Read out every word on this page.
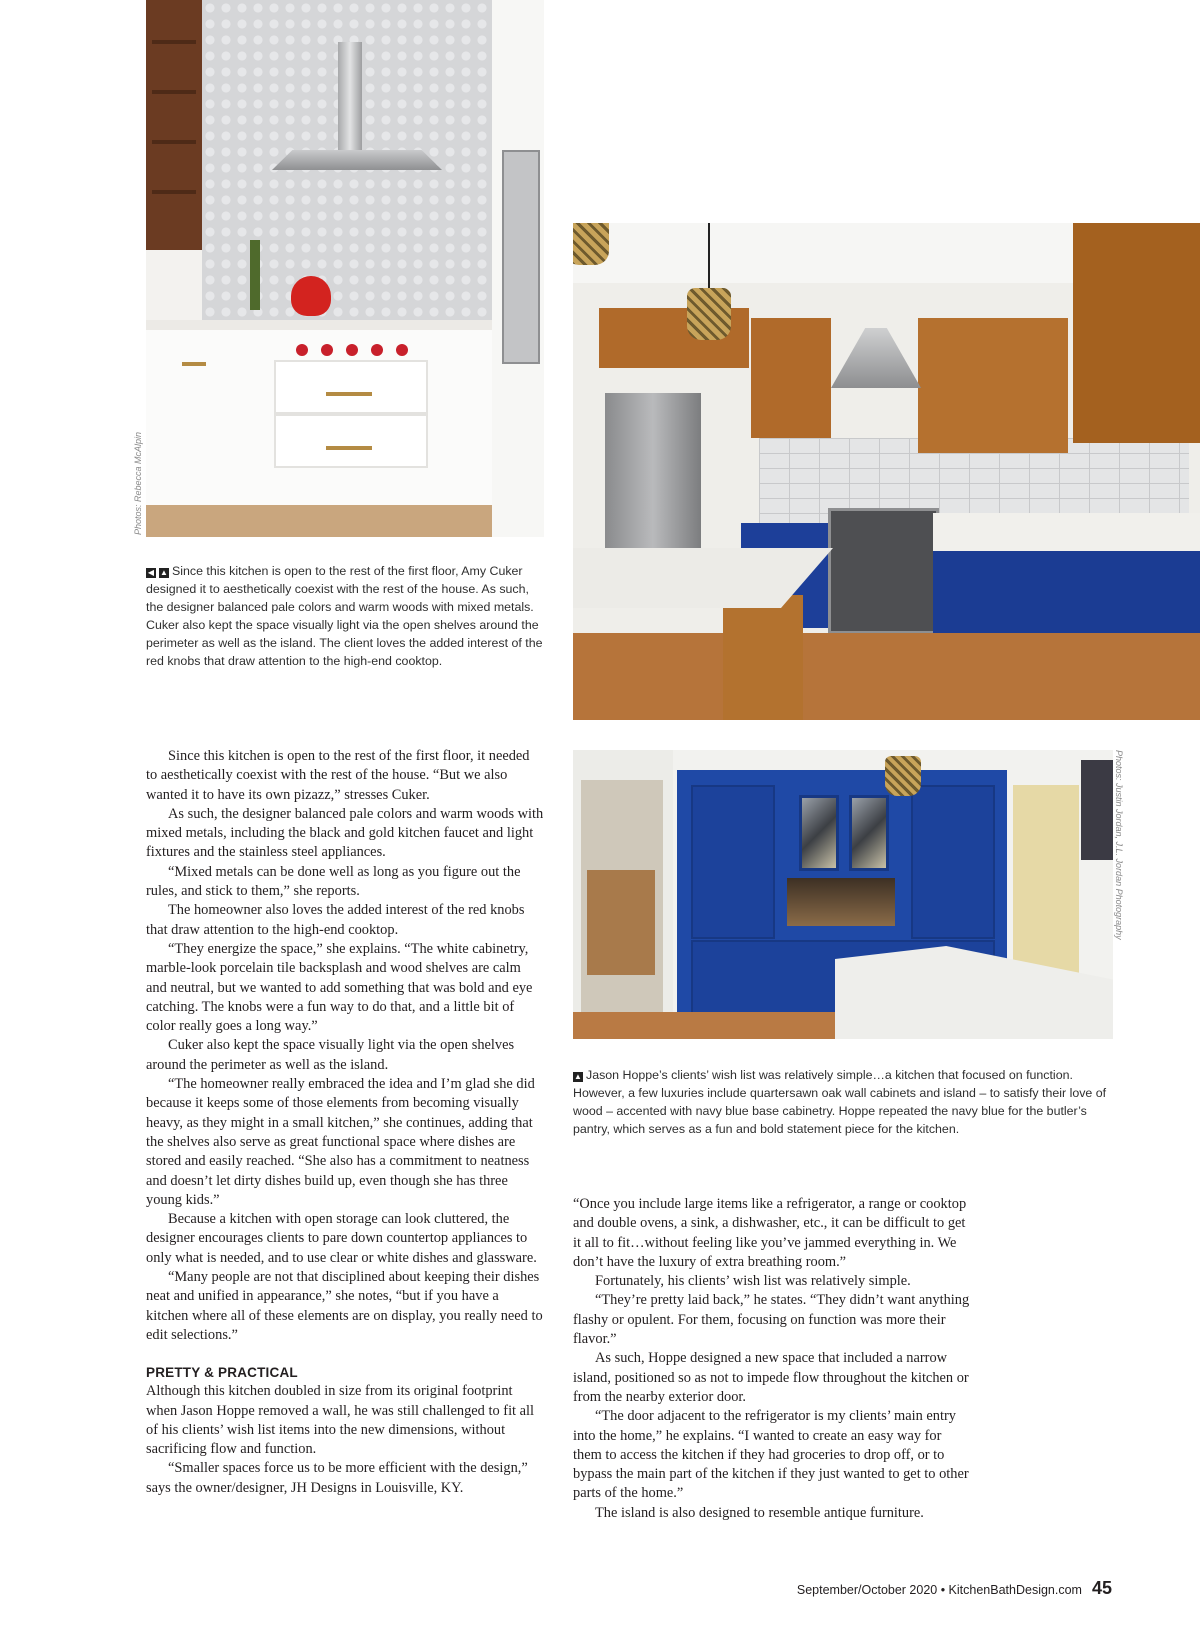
Photos: Rebecca McAlpin
◀ ▲ Since this kitchen is open to the rest of the first floor, Amy Cuker designed it to aesthetically coexist with the rest of the house. As such, the designer balanced pale colors and warm woods with mixed metals. Cuker also kept the space visually light via the open shelves around the perimeter as well as the island. The client loves the added interest of the red knobs that draw attention to the high-end cooktop.
Photos: Justin Jordan, J.L. Jordan Photography
▲ Jason Hoppe’s clients’ wish list was relatively simple…a kitchen that focused on function. However, a few luxuries include quartersawn oak wall cabinets and island – to satisfy their love of wood – accented with navy blue base cabinetry. Hoppe repeated the navy blue for the butler’s pantry, which serves as a fun and bold statement piece for the kitchen.

Since this kitchen is open to the rest of the first floor, it needed to aesthetically coexist with the rest of the house. “But we also wanted it to have its own pizazz,” stresses Cuker.

As such, the designer balanced pale colors and warm woods with mixed metals, including the black and gold kitchen faucet and light fixtures and the stainless steel appliances.

“Mixed metals can be done well as long as you figure out the rules, and stick to them,” she reports.

The homeowner also loves the added interest of the red knobs that draw attention to the high-end cooktop.

“They energize the space,” she explains. “The white cabinetry, marble-look porcelain tile backsplash and wood shelves are calm and neutral, but we wanted to add something that was bold and eye catching. The knobs were a fun way to do that, and a little bit of color really goes a long way.”

Cuker also kept the space visually light via the open shelves around the perimeter as well as the island.

“The homeowner really embraced the idea and I’m glad she did because it keeps some of those elements from becoming visually heavy, as they might in a small kitchen,” she continues, adding that the shelves also serve as great functional space where dishes are stored and easily reached. “She also has a commitment to neatness and doesn’t let dirty dishes build up, even though she has three young kids.”

Because a kitchen with open storage can look cluttered, the designer encourages clients to pare down countertop appliances to only what is needed, and to use clear or white dishes and glassware.

“Many people are not that disciplined about keeping their dishes neat and unified in appearance,” she notes, “but if you have a kitchen where all of these elements are on display, you really need to edit selections.”

PRETTY & PRACTICAL

Although this kitchen doubled in size from its original footprint when Jason Hoppe removed a wall, he was still challenged to fit all of his clients’ wish list items into the new dimensions, without sacrificing flow and function.

“Smaller spaces force us to be more efficient with the design,” says the owner/designer, JH Designs in Louisville, KY.

“Once you include large items like a refrigerator, a range or cooktop and double ovens, a sink, a dishwasher, etc., it can be difficult to get it all to fit…without feeling like you’ve jammed everything in. We don’t have the luxury of extra breathing room.”

Fortunately, his clients’ wish list was relatively simple.

“They’re pretty laid back,” he states. “They didn’t want anything flashy or opulent. For them, focusing on function was more their flavor.”

As such, Hoppe designed a new space that included a narrow island, positioned so as not to impede flow throughout the kitchen or from the nearby exterior door.

“The door adjacent to the refrigerator is my clients’ main entry into the home,” he explains. “I wanted to create an easy way for them to access the kitchen if they had groceries to drop off, or to bypass the main part of the kitchen if they just wanted to get to other parts of the home.”

The island is also designed to resemble antique furniture.

September/October 2020 • KitchenBathDesign.com 45
